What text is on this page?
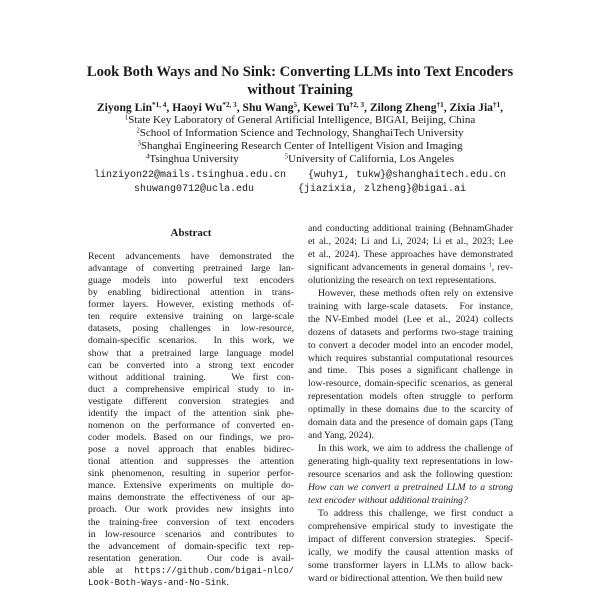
Look Both Ways and No Sink: Converting LLMs into Text Encoders
without Training
Ziyong Lin$^{*1, 4}$, Haoyi Wu$^{*2, 3}$, Shu Wang$^5$, Kewei Tu$^{\dagger 2, 3}$, Zilong Zheng$^{\dagger 1}$, Zixia Jia$^{\dagger 1}$,
$^1$State Key Laboratory of General Artificial Intelligence, BIGAI, Beijing, China
$^2$School of Information Science and Technology, ShanghaiTech University
$^3$Shanghai Engineering Research Center of Intelligent Vision and Imaging
$^4$Tsinghua University	$^5$University of California, Los Angeles
linziyon22@mails.tsinghua.edu.cn {wuhy1, tukw}@shanghaitech.edu.cn
shuwang0712@ucla.edu	{jiazixia, zlzheng}@bigai.ai
Abstract
Recent advancements have demonstrated the
advantage of converting pretrained large lan-
guage models into powerful text encoders
by enabling bidirectional attention in trans-
former layers. However, existing methods of-
ten require extensive training on large-scale
datasets, posing challenges in low-resource,
domain-specific scenarios.  In this work, we
show that a pretrained large language model
can be converted into a strong text encoder
without additional training.   We first con-
duct a comprehensive empirical study to in-
vestigate different conversion strategies and
identify the impact of the attention sink phe-
nomenon on the performance of converted en-
coder models. Based on our findings, we pro-
pose a novel approach that enables bidirec-
tional attention and suppresses the attention
sink phenomenon, resulting in superior perfor-
mance. Extensive experiments on multiple do-
mains demonstrate the effectiveness of our ap-
proach. Our work provides new insights into
the training-free conversion of text encoders
in low-resource scenarios and contributes to
the advancement of domain-specific text rep-
resentation generation.   Our code is avail-
able at https://github.com/bigai-nlco/
Look-Both-Ways-and-No-Sink.
and conducting additional training (BehnamGhader
et al., 2024; Li and Li, 2024; Li et al., 2023; Lee
et al., 2024). These approaches have demonstrated
significant advancements in general domains $^1$, rev-
olutionizing the research on text representations.
However, these methods often rely on extensive
training with large-scale datasets.  For instance,
the NV-Embed model (Lee et al., 2024) collects
dozens of datasets and performs two-stage training
to convert a decoder model into an encoder model,
which requires substantial computational resources
and time.  This poses a significant challenge in
low-resource, domain-specific scenarios, as general
representation models often struggle to perform
optimally in these domains due to the scarcity of
domain data and the presence of domain gaps (Tang
and Yang, 2024).
In this work, we aim to address the challenge of
generating high-quality text representations in low-
resource scenarios and ask the following question:
How can we convert a pretrained LLM to a strong
text encoder without additional training?
To address this challenge, we first conduct a
comprehensive empirical study to investigate the
impact of different conversion strategies.  Specif-
ically, we modify the causal attention masks of
some transformer layers in LLMs to allow back-
ward or bidirectional attention. We then build new
